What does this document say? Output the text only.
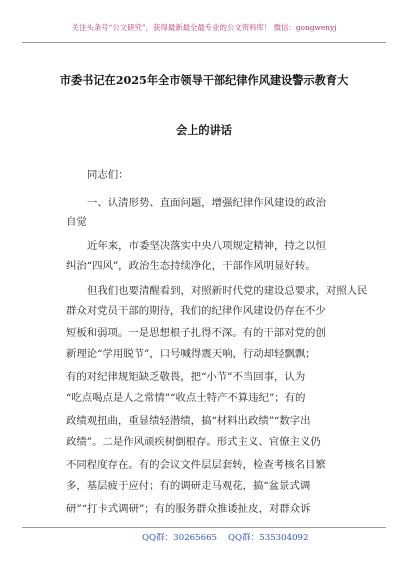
关注头条号“公文研究”，获得最新最全最专业的公文资料库！ 微信：gongwenyj
市委书记在2025年全市领导干部纪律作风建设警示教育大
会上的讲话
同志们：
一、认清形势、直面问题，增强纪律作风建设的政治
自觉
近年来，市委坚决落实中央八项规定精神，持之以恒
纠治“四风”，政治生态持续净化，干部作风明显好转。
但我们也要清醒看到，对照新时代党的建设总要求，对照人民
群众对党员干部的期待，我们的纪律作风建设仍存在不少
短板和弱项。一是思想根子扎得不深。有的干部对党的创
新理论“学用脱节”，口号喊得震天响，行动却轻飘飘；
有的对纪律规矩缺乏敬畏，把“小节”不当回事，认为
“吃点喝点是人之常情”“收点土特产不算违纪”；有的
政绩观扭曲，重显绩轻潜绩，搞“材料出政绩”“数字出
政绩”。二是作风顽疾树倒根存。形式主义、官僚主义仍
不同程度存在。有的会议文件层层套转，检查考核名目繁
多，基层疲于应付；有的调研走马观花，搞“盆景式调
研”“打卡式调研”；有的服务群众推诿扯皮，对群众诉
QQ群：30265665 QQ群：535304092
